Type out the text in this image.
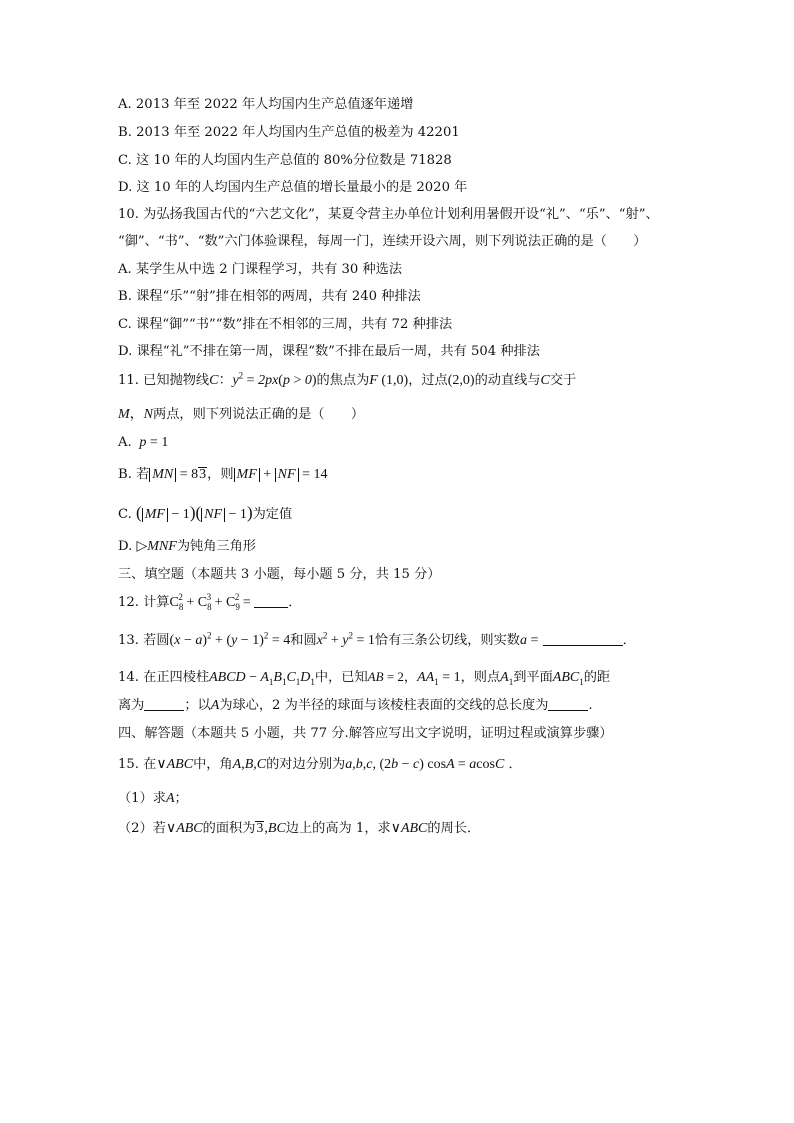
A. 2013 年至 2022 年人均国内生产总值逐年递增
B. 2013 年至 2022 年人均国内生产总值的极差为 42201
C. 这 10 年的人均国内生产总值的 80%分位数是 71828
D. 这 10 年的人均国内生产总值的增长量最小的是 2020 年
10. 为弘扬我国古代的“六艺文化”，某夏令营主办单位计划利用暑假开设“礼”、“乐”、“射”、
“御”、“书”、“数”六门体验课程，每周一门，连续开设六周，则下列说法正确的是（　　）
A. 某学生从中选 2 门课程学习，共有 30 种选法
B. 课程“乐”“射”排在相邻的两周，共有 240 种排法
C. 课程“御”“书”“数”排在不相邻的三周，共有 72 种排法
D. 课程“礼”不排在第一周，课程“数”不排在最后一周，共有 504 种排法
11. 已知抛物线C：$y^2 = 2px(p > 0)$的焦点为F (1,0)，过点(2,0)的动直线与C交于
M，N两点，则下列说法正确的是（　　）
A.  p = 1
B. 若 MN = 83，则 MF + NF = 14
C. ( MF − 1)( NF − 1)为定值
D. ▷MNF为钝角三角形
三、填空题（本题共 3 小题，每小题 5 分，共 15 分）
12. 计算$C_8^2 + C_8^3 + C_9^2$ =	．
13. 若圆$(x - a)^2 + (y - 1)^2 = 4$和圆$x^2 + y^2 = 1$恰有三条公切线，则实数a =	．
14. 在正四棱柱ABCD − $A_1B_1C_1D_1$中，已知AB = 2，$AA_1 = 1$，则点$A_1$到平面$ABC_1$的距
离为	；以A为球心，2 为半径的球面与该棱柱表面的交线的总长度为	.
四、解答题（本题共 5 小题，共 77 分.解答应写出文字说明，证明过程或演算步骤）
15. 在∨ABC中，角A,B,C的对边分别为a,b,c, (2b − c) cosA = acosC ．
（1）求A；
（2）若∨ABC的面积为3,BC边上的高为 1，求∨ABC的周长．
